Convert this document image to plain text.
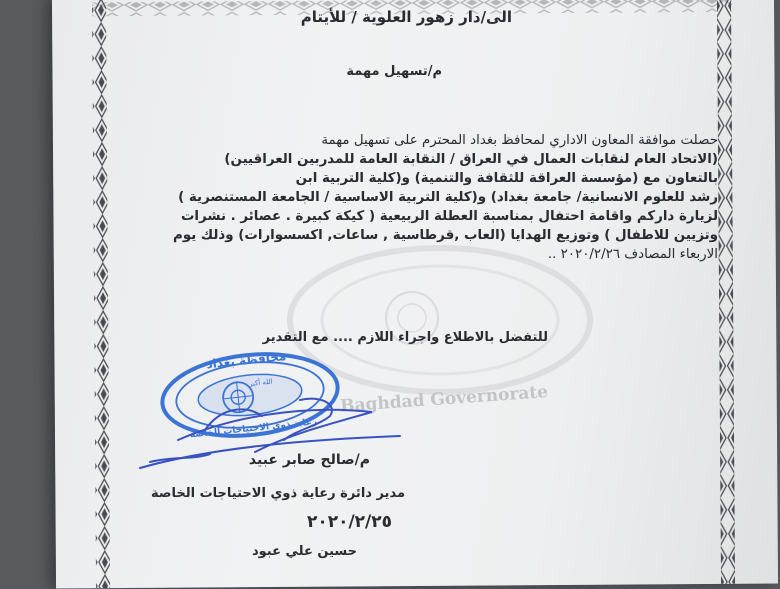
Baghdad Governorate
محافظة بغداد
الله أكبر
رعاية ذوي الاحتياجات الخاصة
الى/دار زهور العلوية / للأيتام
م/تسهيل مهمة

حصلت موافقة المعاون الاداري لمحافظ بغداد المحترم على تسهيل مهمة

(الاتحاد العام لنقابات العمال في العراق / النقابة العامة للمدربين العراقيين)

بالتعاون مع (مؤسسة العراقة للثقافة والتنمية) و(كلية التربية ابن

رشد للعلوم الانسانية/ جامعة بغداد) و(كلية التربية الاساسية / الجامعة المستنصرية )

لزيارة داركم واقامة احتفال بمناسبة العطلة الربيعية ( كيكة كبيرة . عصائر . نشرات

وتزيين للاطفال ) وتوزيع الهدايا (العاب ,قرطاسية , ساعات, اكسسوارات) وذلك يوم

الاربعاء المصادف ٢٠٢٠/٢/٢٦ ..

للتفضل بالاطلاع واجراء اللازم .... مع التقدير
م/صالح صابر عبيد
مدير دائرة رعاية ذوي الاحتياجات الخاصة
٢٠٢٠/٢/٢٥
حسين علي عبود
